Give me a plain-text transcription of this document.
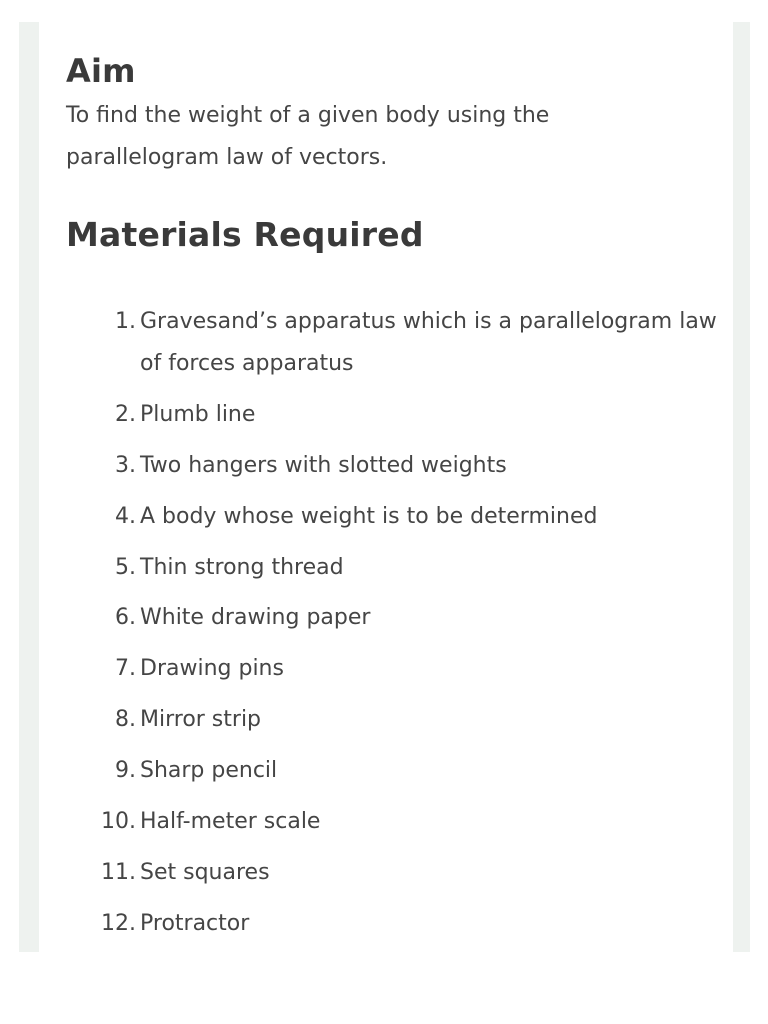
Aim

To find the weight of a given body using the parallelogram law of vectors.

Materials Required
1. Gravesand’s apparatus which is a parallelogram law of forces apparatus
2. Plumb line
3. Two hangers with slotted weights
4. A body whose weight is to be determined
5. Thin strong thread
6. White drawing paper
7. Drawing pins
8. Mirror strip
9. Sharp pencil
10. Half-meter scale
11. Set squares
12. Protractor
